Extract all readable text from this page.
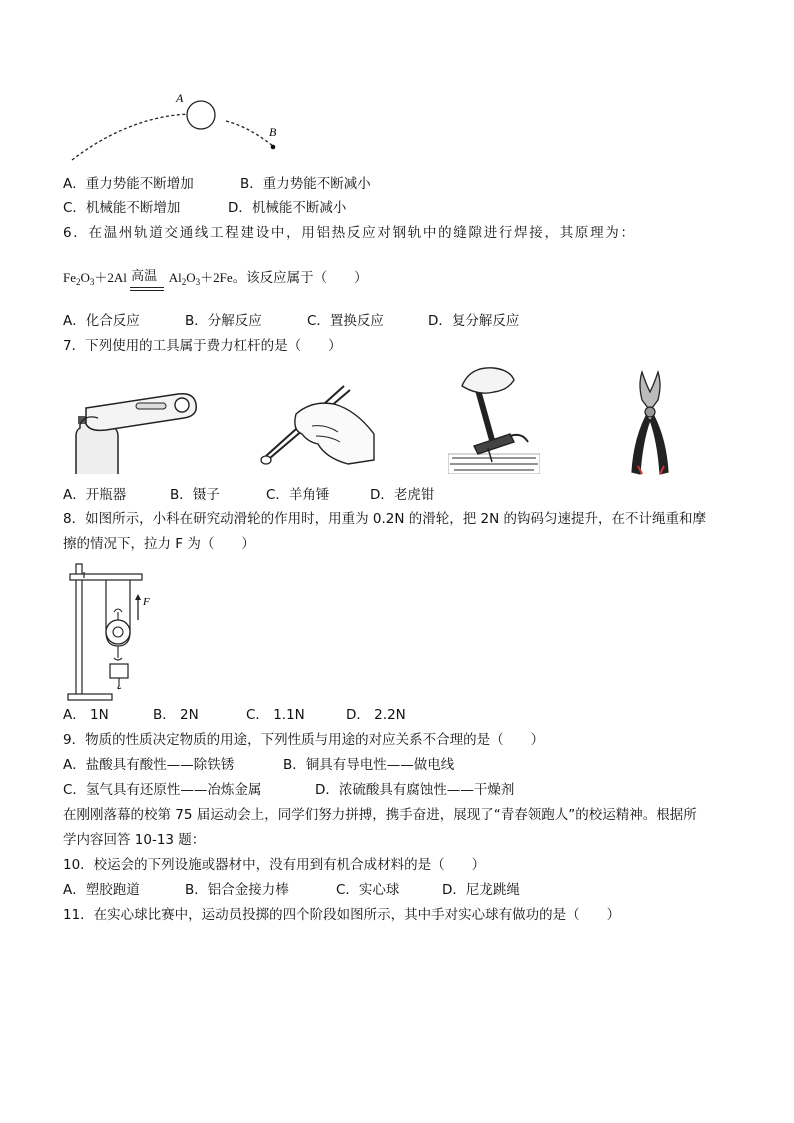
A
B
A．重力势能不断增加	B．重力势能不断减小
C．机械能不断增加	D．机械能不断减小
6．在温州轨道交通线工程建设中，用铝热反应对钢轨中的缝隙进行焊接，其原理为：
$Fe_2O_3+2Al$ 高温 $Al_2O_3+2Fe$。该反应属于（　　）
A．化合反应	B．分解反应	C．置换反应	D．复分解反应
7．下列使用的工具属于费力杠杆的是（　　）
A．开瓶器	B．镊子	C．羊角锤	D．老虎钳
8．如图所示，小科在研究动滑轮的作用时，用重为 0.2N 的滑轮，把 2N 的钩码匀速提升，在不计绳重和摩
擦的情况下，拉力 F 为（　　）
F
A． 1N	B． 2N	C． 1.1N	D． 2.2N
9．物质的性质决定物质的用途，下列性质与用途的对应关系不合理的是（　　）
A．盐酸具有酸性——除铁锈	B．铜具有导电性——做电线
C．氢气具有还原性——冶炼金属	D．浓硫酸具有腐蚀性——干燥剂
在刚刚落幕的校第 75 届运动会上，同学们努力拼搏，携手奋进，展现了“青春领跑人”的校运精神。根据所
学内容回答 10-13 题：
10．校运会的下列设施或器材中，没有用到有机合成材料的是（　　）
A．塑胶跑道	B．铝合金接力棒	C．实心球	D．尼龙跳绳
11．在实心球比赛中，运动员投掷的四个阶段如图所示，其中手对实心球有做功的是（　　）
